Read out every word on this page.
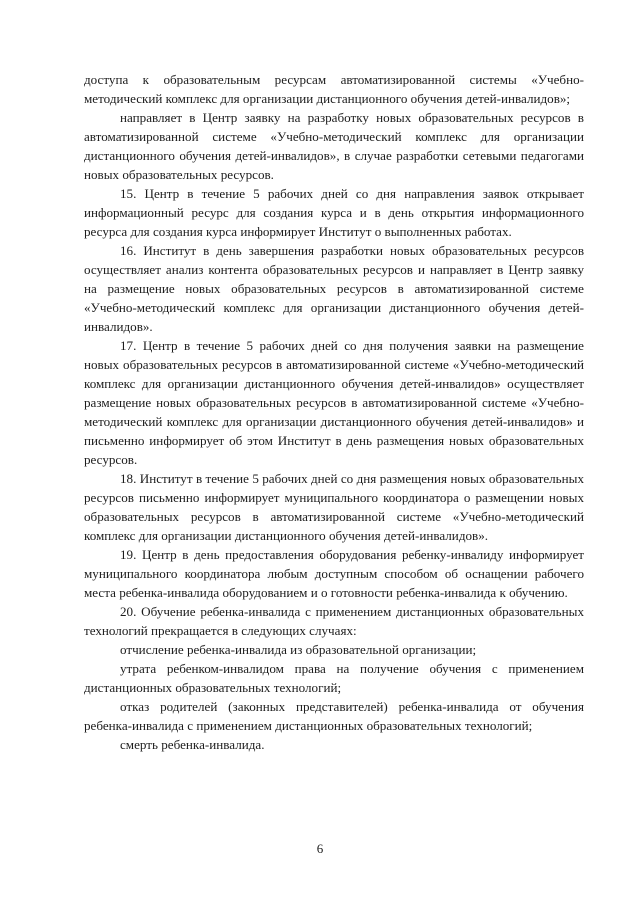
доступа к образовательным ресурсам автоматизированной системы «Учебно-методический комплекс для организации дистанционного обучения детей-инвалидов»;

направляет в Центр заявку на разработку новых образовательных ресурсов в автоматизированной системе «Учебно-методический комплекс для организации дистанционного обучения детей-инвалидов», в случае разработки сетевыми педагогами новых образовательных ресурсов.

15. Центр в течение 5 рабочих дней со дня направления заявок открывает информационный ресурс для создания курса и в день открытия информационного ресурса для создания курса информирует Институт о выполненных работах.

16. Институт в день завершения разработки новых образовательных ресурсов осуществляет анализ контента образовательных ресурсов и направляет в Центр заявку на размещение новых образовательных ресурсов в автоматизированной системе «Учебно-методический комплекс для организации дистанционного обучения детей-инвалидов».

17. Центр в течение 5 рабочих дней со дня получения заявки на размещение новых образовательных ресурсов в автоматизированной системе «Учебно-методический комплекс для организации дистанционного обучения детей-инвалидов» осуществляет размещение новых образовательных ресурсов в автоматизированной системе «Учебно-методический комплекс для организации дистанционного обучения детей-инвалидов» и письменно информирует об этом Институт в день размещения новых образовательных ресурсов.

18. Институт в течение 5 рабочих дней со дня размещения новых образовательных ресурсов письменно информирует муниципального координатора о размещении новых образовательных ресурсов в автоматизированной системе «Учебно-методический комплекс для организации дистанционного обучения детей-инвалидов».

19. Центр в день предоставления оборудования ребенку-инвалиду информирует муниципального координатора любым доступным способом об оснащении рабочего места ребенка-инвалида оборудованием и о готовности ребенка-инвалида к обучению.

20. Обучение ребенка-инвалида с применением дистанционных образовательных технологий прекращается в следующих случаях:

отчисление ребенка-инвалида из образовательной организации;

утрата ребенком-инвалидом права на получение обучения с применением дистанционных образовательных технологий;

отказ родителей (законных представителей) ребенка-инвалида от обучения ребенка-инвалида с применением дистанционных образовательных технологий;

смерть ребенка-инвалида.

6
